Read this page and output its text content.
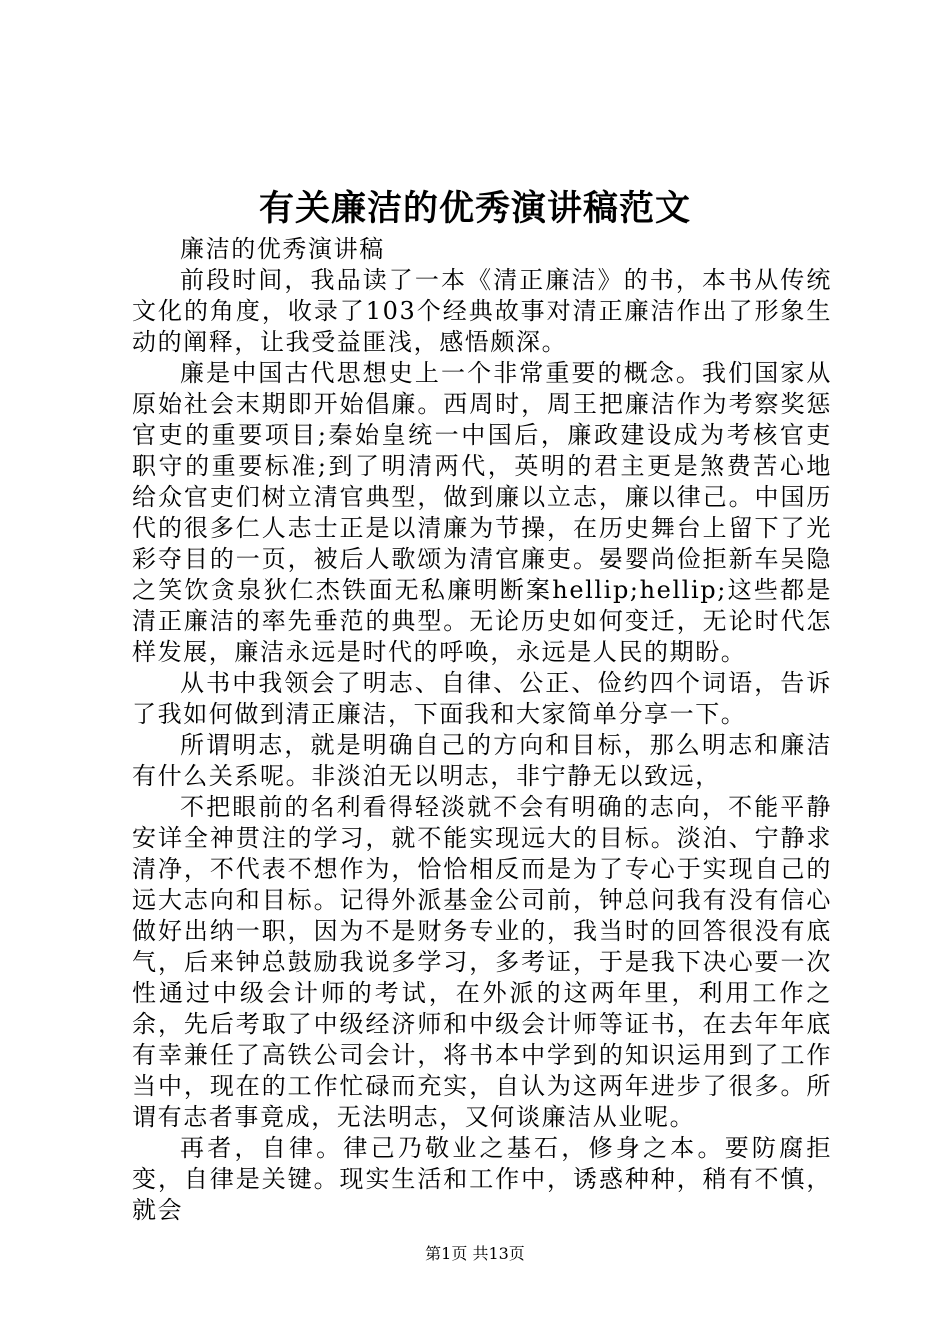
有关廉洁的优秀演讲稿范文

廉洁的优秀演讲稿

前段时间，我品读了一本《清正廉洁》的书，本书从传统文化的角度，收录了103个经典故事对清正廉洁作出了形象生动的阐释，让我受益匪浅，感悟颇深。

廉是中国古代思想史上一个非常重要的概念。我们国家从原始社会末期即开始倡廉。西周时，周王把廉洁作为考察奖惩官吏的重要项目;秦始皇统一中国后，廉政建设成为考核官吏职守的重要标准;到了明清两代，英明的君主更是煞费苦心地给众官吏们树立清官典型，做到廉以立志，廉以律己。中国历代的很多仁人志士正是以清廉为节操，在历史舞台上留下了光彩夺目的一页，被后人歌颂为清官廉吏。晏婴尚俭拒新车吴隐之笑饮贪泉狄仁杰铁面无私廉明断案hellip;hellip;这些都是清正廉洁的率先垂范的典型。无论历史如何变迁，无论时代怎样发展，廉洁永远是时代的呼唤，永远是人民的期盼。

从书中我领会了明志、自律、公正、俭约四个词语，告诉了我如何做到清正廉洁，下面我和大家简单分享一下。

所谓明志，就是明确自己的方向和目标，那么明志和廉洁有什么关系呢。非淡泊无以明志，非宁静无以致远，

不把眼前的名利看得轻淡就不会有明确的志向，不能平静安详全神贯注的学习，就不能实现远大的目标。淡泊、宁静求清净，不代表不想作为，恰恰相反而是为了专心于实现自己的远大志向和目标。记得外派基金公司前，钟总问我有没有信心做好出纳一职，因为不是财务专业的，我当时的回答很没有底气，后来钟总鼓励我说多学习，多考证，于是我下决心要一次性通过中级会计师的考试，在外派的这两年里，利用工作之余，先后考取了中级经济师和中级会计师等证书，在去年年底有幸兼任了高铁公司会计，将书本中学到的知识运用到了工作当中，现在的工作忙碌而充实，自认为这两年进步了很多。所谓有志者事竟成，无法明志，又何谈廉洁从业呢。

再者，自律。律己乃敬业之基石，修身之本。要防腐拒变，自律是关键。现实生活和工作中，诱惑种种，稍有不慎，就会

第1页 共13页
